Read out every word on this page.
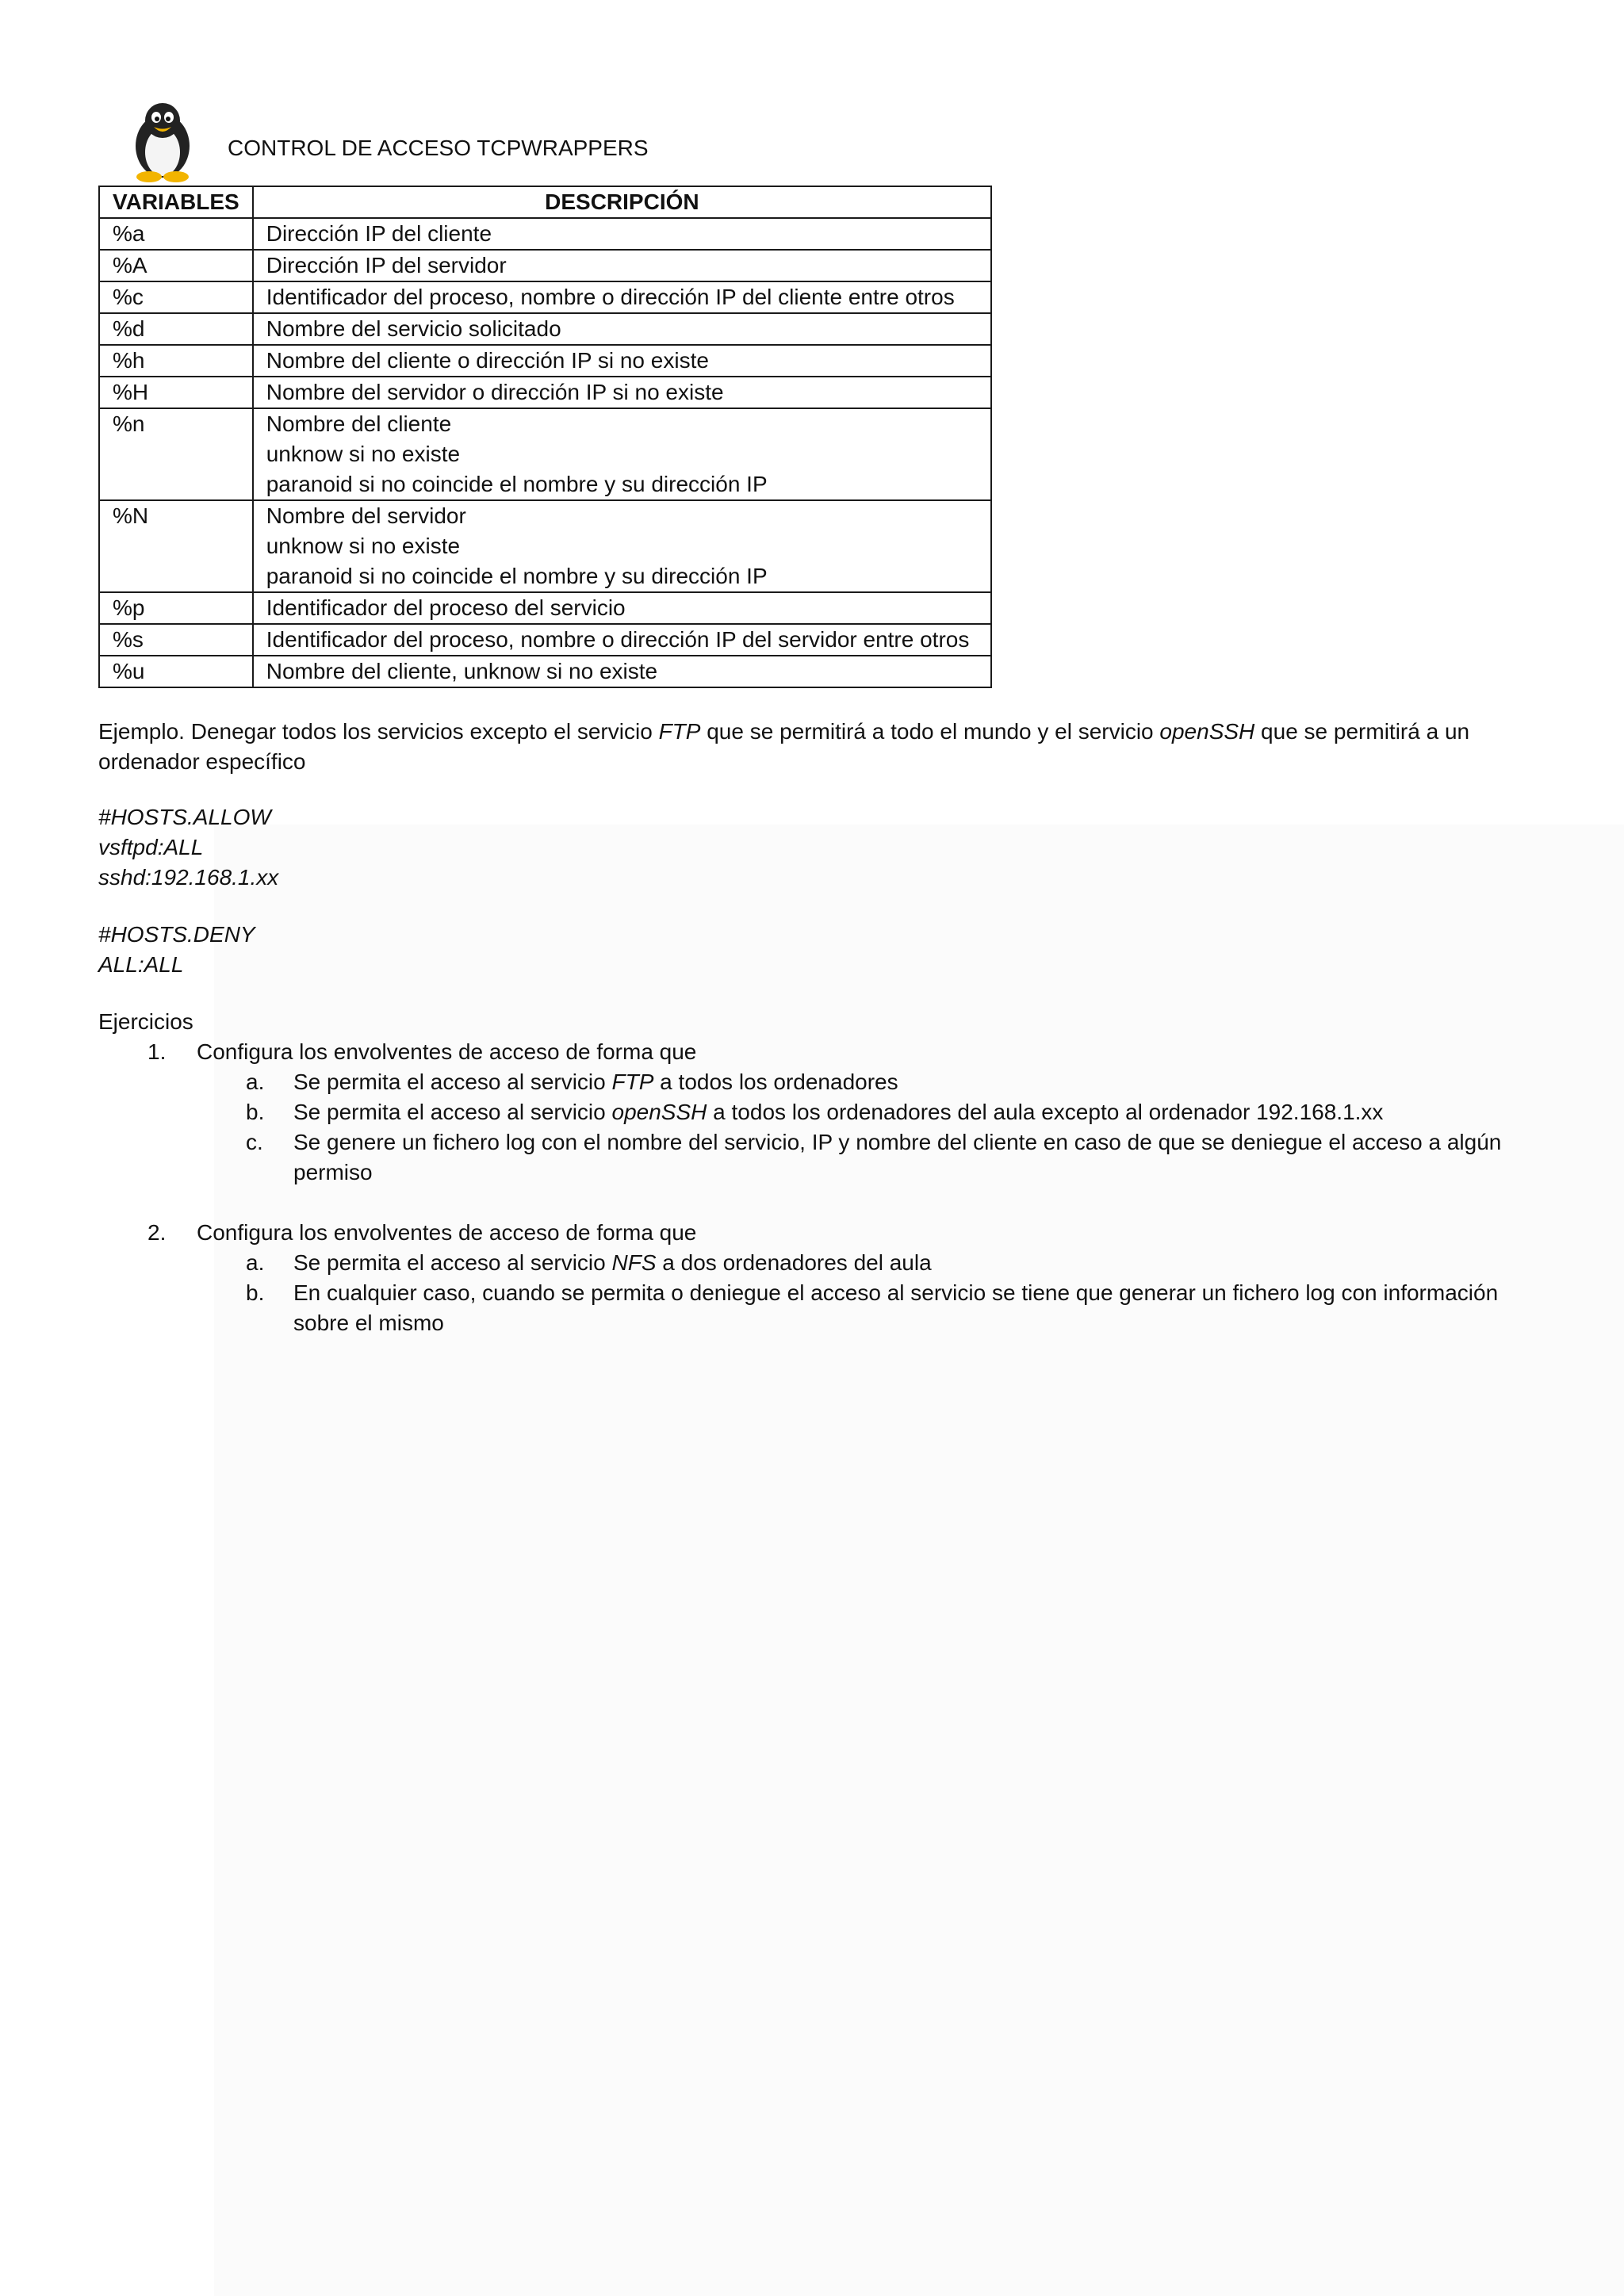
CONTROL DE ACCESO TCPWRAPPERS
VARIABLES	DESCRIPCIÓN
%a	Dirección IP del cliente

%A	Dirección IP del servidor

%c	Identificador del proceso, nombre o dirección IP del cliente entre otros

%d	Nombre del servicio solicitado

%h	Nombre del cliente o dirección IP si no existe

%H	Nombre del servidor o dirección IP si no existe

%n	Nombre del cliente
unknow si no existe
paranoid si no coincide el nombre y su dirección IP

%N	Nombre del servidor
unknow si no existe
paranoid si no coincide el nombre y su dirección IP

%p	Identificador del proceso del servicio

%s	Identificador del proceso, nombre o dirección IP del servidor entre otros

%u	Nombre del cliente, unknow si no existe
Ejemplo. Denegar todos los servicios excepto el servicio FTP que se permitirá a todo el mundo y el servicio openSSH que se permitirá a un ordenador específico
#HOSTS.ALLOW
vsftpd:ALL
sshd:192.168.1.xx
#HOSTS.DENY
ALL:ALL
Ejercicios
1. Configura los envolventes de acceso de forma que
a. Se permita el acceso al servicio FTP a todos los ordenadores
b. Se permita el acceso al servicio openSSH a todos los ordenadores del aula excepto al ordenador 192.168.1.xx
c. Se genere un fichero log con el nombre del servicio, IP y nombre del cliente en caso de que se deniegue el acceso a algún permiso
2. Configura los envolventes de acceso de forma que
a. Se permita el acceso al servicio NFS a dos ordenadores del aula
b. En cualquier caso, cuando se permita o deniegue el acceso al servicio se tiene que generar un fichero log con información sobre el mismo
